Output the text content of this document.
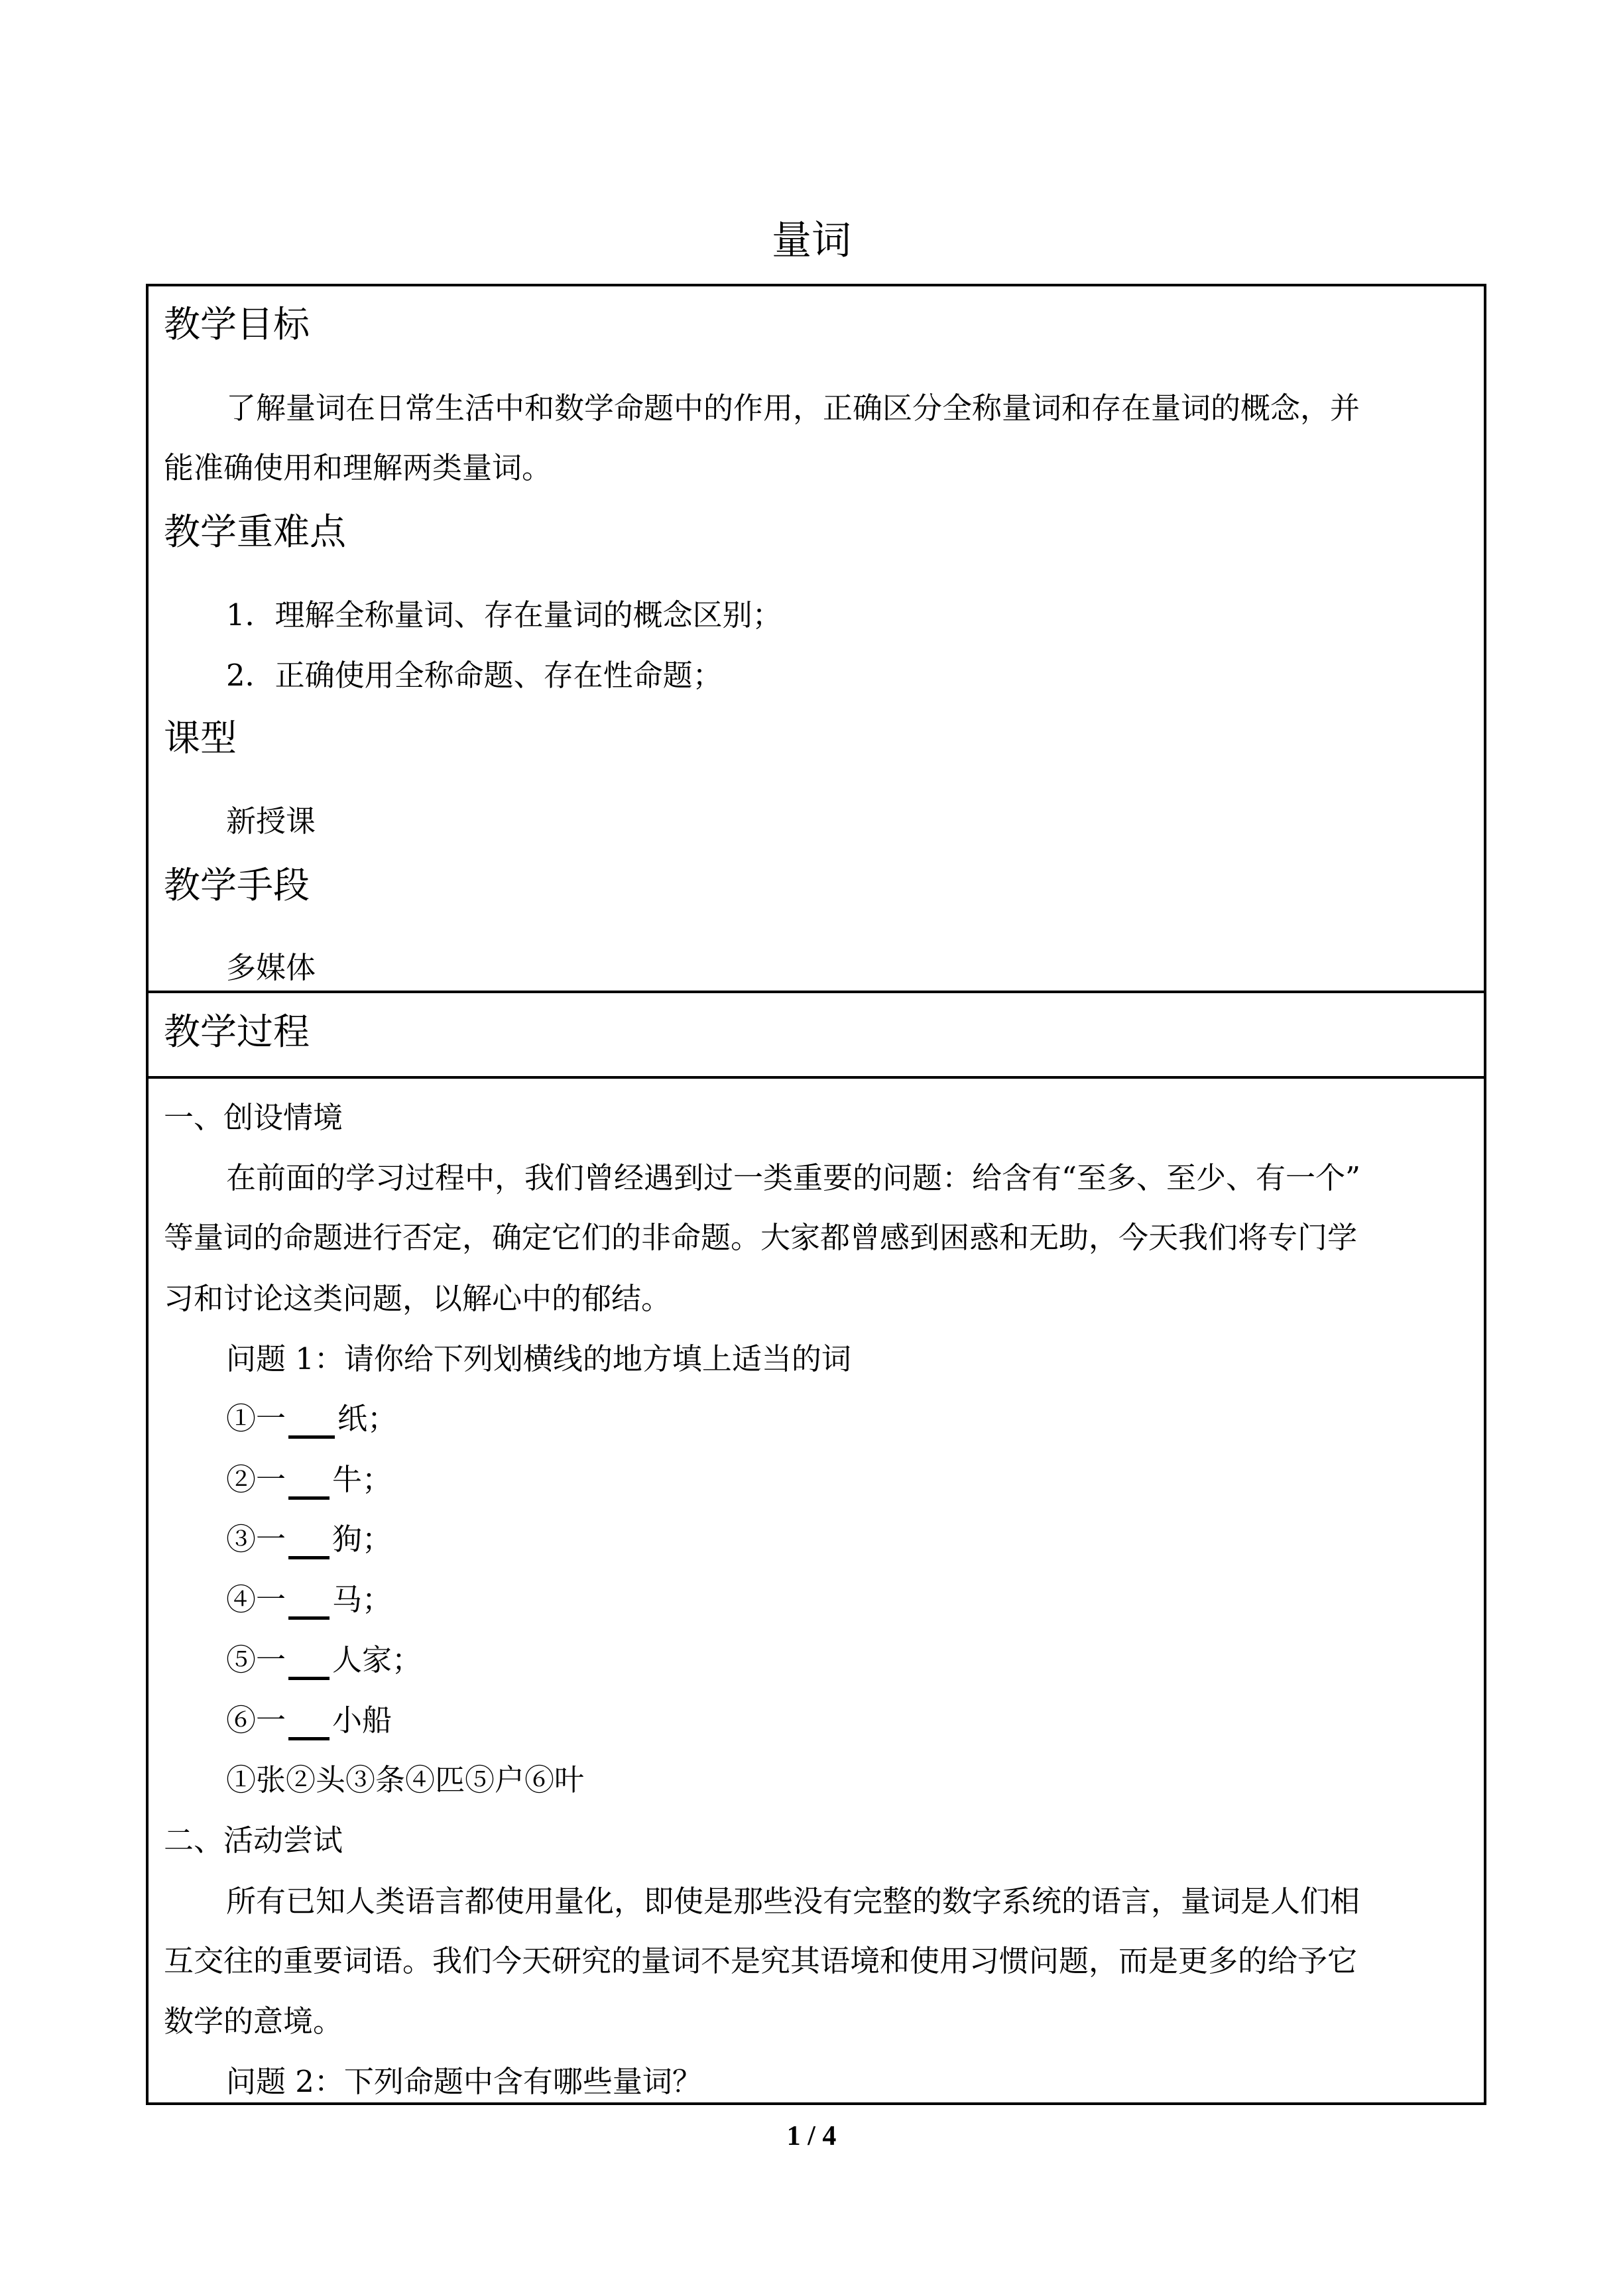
量词
教学目标
了解量词在日常生活中和数学命题中的作用，正确区分全称量词和存在量词的概念，并
能准确使用和理解两类量词。
教学重难点
1．理解全称量词、存在量词的概念区别；
2．正确使用全称命题、存在性命题；
课型
新授课
教学手段
多媒体
教学过程
一、创设情境
在前面的学习过程中，我们曾经遇到过一类重要的问题：给含有“至多、至少、有一个”
等量词的命题进行否定，确定它们的非命题。大家都曾感到困惑和无助，今天我们将专门学
习和讨论这类问题，以解心中的郁结。
问题 1：请你给下列划横线的地方填上适当的词
①一 纸；
②一 牛；
③一 狗；
④一 马；
⑤一 人家；
⑥一 小船
①张②头③条④匹⑤户⑥叶
二、活动尝试
所有已知人类语言都使用量化，即使是那些没有完整的数字系统的语言，量词是人们相
互交往的重要词语。我们今天研究的量词不是究其语境和使用习惯问题，而是更多的给予它
数学的意境。
问题 2：下列命题中含有哪些量词？
1 / 4
